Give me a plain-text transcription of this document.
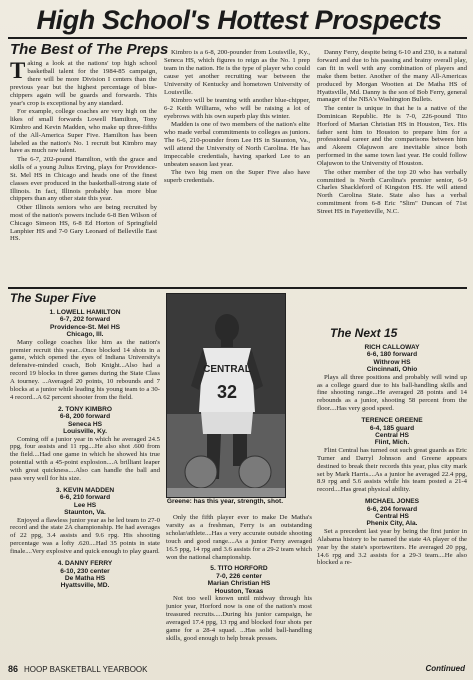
High School's Hottest Prospects
The Best of The Preps

Taking a look at the nations' top high school basketball talent for the 1984-85 campaign, there will be more Division I centers than the previous year but the highest percentage of blue-chippers again will be guards and forwards. This year's crop is exceptional by any standard.

For example, college coaches are very high on the likes of small forwards Lowell Hamilton, Tony Kimbro and Kevin Madden, who make up three-fifths of the All-America Super Five. Hamilton has been labeled as the nation's No. 1 recruit but Kimbro may have as much raw talent.

The 6-7, 202-pound Hamilton, with the grace and skills of a young Julius Erving, plays for Providence-St. Mel HS in Chicago and heads one of the finest classes ever produced in the basketball-strong state of Illinois. In fact, Illinois probably has more blue chippers than any other state this year.

Other Illinois seniors who are being recruited by most of the nation's powers include 6-8 Ben Wilson of Chicago Simeon HS, 6-8 Ed Horton of Springfield Lanphier HS and 7-0 Gary Leonard of Belleville East HS.

Kimbro is a 6-8, 200-pounder from Louisville, Ky., Seneca HS, which figures to reign as the No. 1 prep team in the nation. He is the type of player who could cause yet another recruiting war between the University of Kentucky and hometown University of Louisville.

Kimbro will be teaming with another blue-chipper, 6-2 Keith Williams, who will be raising a lot of eyebrows with his own superb play this winter.

Madden is one of two members of the nation's elite who made verbal commitments to colleges as juniors. The 6-6, 210-pounder from Lee HS in Staunton, Va., will attend the University of North Carolina. He has impeccable credentials, having sparked Lee to an unbeaten season last year.

The two big men on the Super Five also have superb credentials.

Danny Ferry, despite being 6-10 and 230, is a natural forward and due to his passing and brainy overall play, can fit in well with any combination of players and make them better. Another of the many All-Americas produced by Morgan Wootten at De Matha HS of Hyattsville, Md. Danny is the son of Bob Ferry, general manager of the NBA's Washington Bullets.

The center is unique in that he is a native of the Dominican Republic. He is 7-0, 226-pound Tito Horford of Marian Christian HS in Houston, Tex. His father sent him to Houston to prepare him for a professional career and the comparisons between him and Akeem Olajuwon are inevitable since both performed in the same town last year. He could follow Olajuwon to the University of Houston.

The other member of the top 20 who has verbally committed is North Carolina's premier senior, 6-9 Charles Shackleford of Kingston HS. He will attend North Carolina State. State also has a verbal commitment from 6-8 Eric "Slim" Duncan of 71st Street HS in Fayetteville, N.C.

The Super Five
1. LOWELL HAMILTON
6-7, 202 forward
Providence-St. Mel HS
Chicago, Ill.
Many college coaches like him as the nation's premier recruit this year...Once blocked 14 shots in a game, which opened the eyes of Indiana University's defensive-minded coach, Bob Knight...Also had a record 19 blocks in three games during the State Class A tourney. ...Averaged 20 points, 10 rebounds and 7 blocks at a junior while leading his young team to a 30-4 record...A 62 percent shooter from the field.
2. TONY KIMBRO
6-8, 200 forward
Seneca HS
Louisville, Ky.
Coming off a junior year in which he averaged 24.5 ppg, four assists and 11 rpg....He also shot .600 from the field....Had one game in which he showed his true potential with a 45-point explosion....A brilliant leaper with great quickness....Also can handle the ball and pass very well for his size.
3. KEVIN MADDEN
6-6, 210 forward
Lee HS
Staunton, Va.
Enjoyed a flawless junior year as he led team to 27-0 record and the state 2A championship. He had averages of 22 ppg, 3.4 assists and 9.6 rpg. His shooting percentage was a lofty .620....Had 35 points in state finale....Very explosive and quick enough to play guard.
4. DANNY FERRY
6-10, 230 center
De Matha HS
Hyattsville, MD.
CENTRAL
32
Greene: has this year, strength, shot.
Only the fifth player ever to make De Matha's varsity as a freshman, Ferry is an outstanding scholar/athlete....Has a very accurate outside shooting touch and good range....As a junior Ferry averaged 16.5 ppg, 14 rpg and 3.6 assists for a 29-2 team which won the national championship.
5. TITO HORFORD
7-0, 226 center
Marian Christian HS
Houston, Texas
Not too well known until midway through his junior year, Horford now is one of the nation's most treasured recruits.....During his junior campaign, he averaged 17.4 ppg, 13 rpg and blocked four shots per game for a 28-4 squad. ...Has solid ball-handling skills, good enough to help break presses.
The Next 15
RICH CALLOWAY
6-6, 180 forward
Withrow HS
Cincinnati, Ohio
Plays all three positions and probably will wind up as a college guard due to his ball-handling skills and fine shooting range...He averaged 28 points and 14 rebounds as a junior, shooting 58 percent from the floor....Has very good speed.
TERENCE GREENE
6-4, 185 guard
Central HS
Flint, Mich.
Flint Central has turned out such great guards as Eric Turner and Darryl Johnson and Greene appears destined to break their records this year, plus city mark set by Mark Harris....As a junior he averaged 22.4 ppg, 8.9 rpg and 5.6 assists while his team posted a 21-4 record....Has great physical ability.
MICHAEL JONES
6-6, 204 forward
Central HS
Phenix City, Ala.
Set a precedent last year by being the first junior in Alabama history to be named the state 4A player of the year by the state's sportswriters. He averaged 20 ppg, 14.6 rpg and 3.2 assists for a 29-3 team....He also blocked a re-
86 HOOP BASKETBALL YEARBOOK	Continued
